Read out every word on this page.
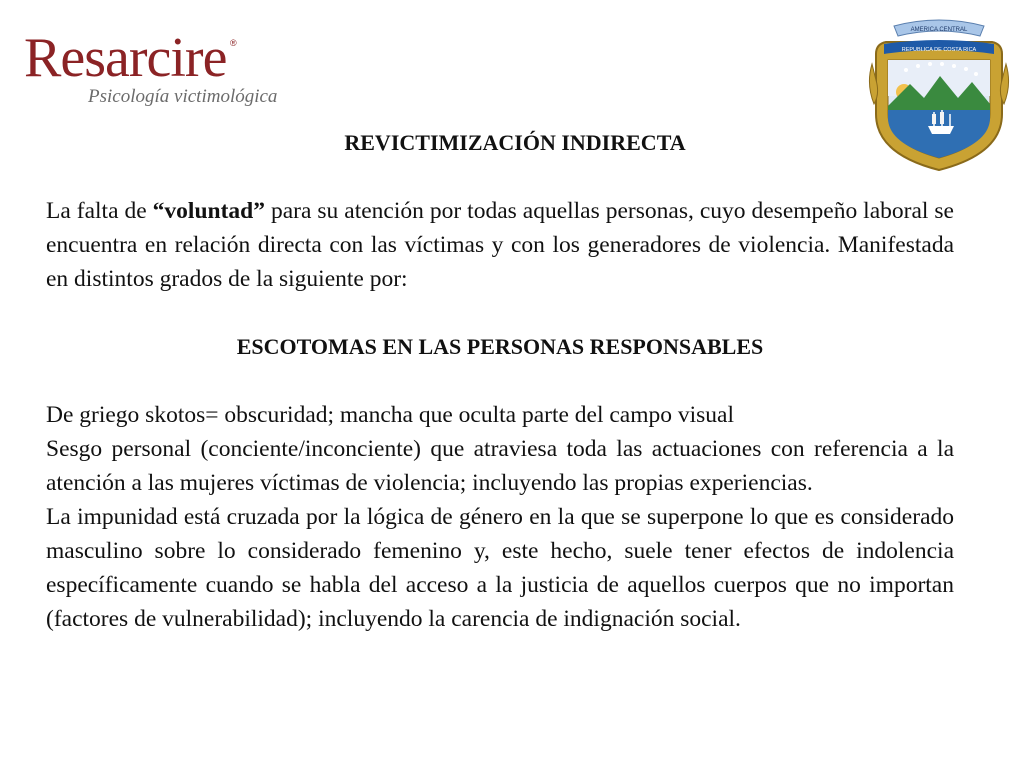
Resarcire ®
Psicología victimológica
AMERICA CENTRAL
REPUBLICA DE COSTA RICA

REVICTIMIZACIÓN INDIRECTA

La falta de “voluntad” para su atención por todas aquellas personas, cuyo desempeño laboral se encuentra en relación directa con las víctimas y con los generadores de violencia. Manifestada en distintos grados de la siguiente por:

ESCOTOMAS EN LAS PERSONAS RESPONSABLES

De griego skotos= obscuridad; mancha que oculta parte del campo visual

Sesgo personal (conciente/inconciente) que atraviesa toda las actuaciones con referencia a la atención a las mujeres víctimas de violencia; incluyendo las propias experiencias.

La impunidad está cruzada por la lógica de género en la que se superpone lo que es considerado masculino sobre lo considerado femenino y, este hecho, suele tener efectos de indolencia específicamente cuando se habla del acceso a la justicia de aquellos cuerpos que no importan (factores de vulnerabilidad); incluyendo la carencia de indignación social.
